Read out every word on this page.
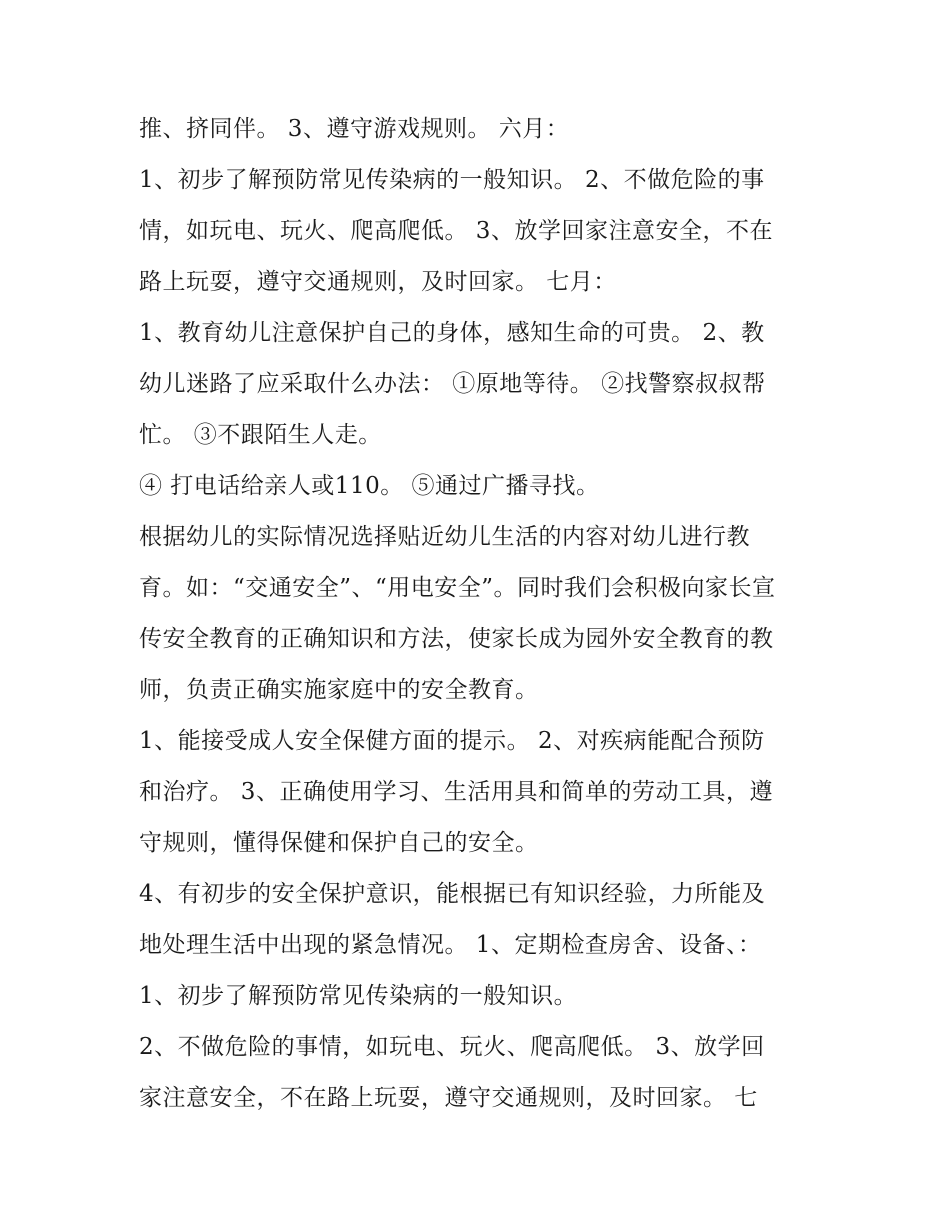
推、挤同伴。 3、遵守游戏规则。 六月：
1、初步了解预防常见传染病的一般知识。 2、不做危险的事
情，如玩电、玩火、爬高爬低。 3、放学回家注意安全，不在
路上玩耍，遵守交通规则，及时回家。 七月：
1、教育幼儿注意保护自己的身体，感知生命的可贵。 2、教
幼儿迷路了应采取什么办法： ①原地等待。 ②找警察叔叔帮
忙。 ③不跟陌生人走。
④ 打电话给亲人或110。 ⑤通过广播寻找。
根据幼儿的实际情况选择贴近幼儿生活的内容对幼儿进行教
育。如：“交通安全”、“用电安全”。同时我们会积极向家长宣
传安全教育的正确知识和方法，使家长成为园外安全教育的教
师，负责正确实施家庭中的安全教育。
1、能接受成人安全保健方面的提示。 2、对疾病能配合预防
和治疗。 3、正确使用学习、生活用具和简单的劳动工具，遵
守规则，懂得保健和保护自己的安全。
4、有初步的安全保护意识，能根据已有知识经验，力所能及
地处理生活中出现的紧急情况。 1、定期检查房舍、设备、：
1、初步了解预防常见传染病的一般知识。
2、不做危险的事情，如玩电、玩火、爬高爬低。 3、放学回
家注意安全，不在路上玩耍，遵守交通规则，及时回家。 七
